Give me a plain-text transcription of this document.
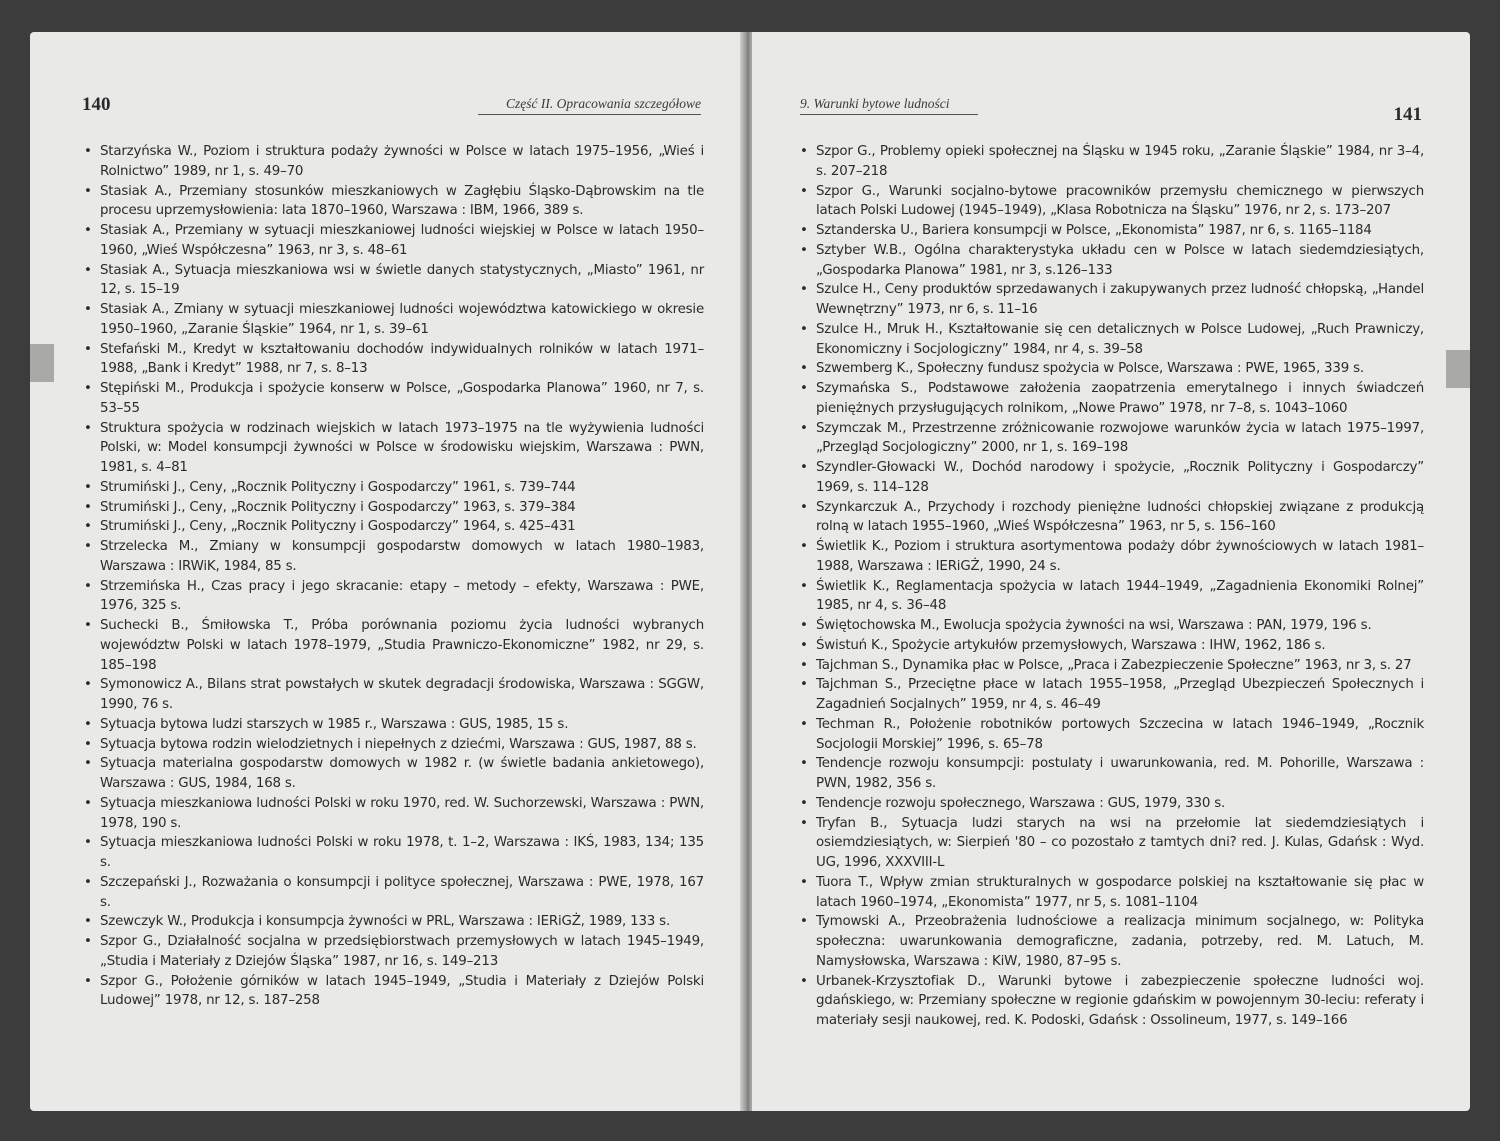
140	Część II. Opracowania szczegółowe
• Starzyńska W., Poziom i struktura podaży żywności w Polsce w latach 1975–1956, „Wieś i Rolnictwo” 1989, nr 1, s. 49–70
• Stasiak A., Przemiany stosunków mieszkaniowych w Zagłębiu Śląsko-Dąbrowskim na tle procesu uprzemysłowienia: lata 1870–1960, Warszawa : IBM, 1966, 389 s.
• Stasiak A., Przemiany w sytuacji mieszkaniowej ludności wiejskiej w Polsce w latach 1950–1960, „Wieś Współczesna” 1963, nr 3, s. 48–61
• Stasiak A., Sytuacja mieszkaniowa wsi w świetle danych statystycznych, „Miasto” 1961, nr 12, s. 15–19
• Stasiak A., Zmiany w sytuacji mieszkaniowej ludności województwa katowickiego w okresie 1950–1960, „Zaranie Śląskie” 1964, nr 1, s. 39–61
• Stefański M., Kredyt w kształtowaniu dochodów indywidualnych rolników w latach 1971–1988, „Bank i Kredyt” 1988, nr 7, s. 8–13
• Stępiński M., Produkcja i spożycie konserw w Polsce, „Gospodarka Planowa” 1960, nr 7, s. 53–55
• Struktura spożycia w rodzinach wiejskich w latach 1973–1975 na tle wyżywienia ludności Polski, w: Model konsumpcji żywności w Polsce w środowisku wiejskim, Warszawa : PWN, 1981, s. 4–81
• Strumiński J., Ceny, „Rocznik Polityczny i Gospodarczy” 1961, s. 739–744
• Strumiński J., Ceny, „Rocznik Polityczny i Gospodarczy” 1963, s. 379–384
• Strumiński J., Ceny, „Rocznik Polityczny i Gospodarczy” 1964, s. 425–431
• Strzelecka M., Zmiany w konsumpcji gospodarstw domowych w latach 1980–1983, Warszawa : IRWiK, 1984, 85 s.
• Strzemińska H., Czas pracy i jego skracanie: etapy – metody – efekty, Warszawa : PWE, 1976, 325 s.
• Suchecki B., Śmiłowska T., Próba porównania poziomu życia ludności wybranych województw Polski w latach 1978–1979, „Studia Prawniczo-Ekonomiczne” 1982, nr 29, s. 185–198
• Symonowicz A., Bilans strat powstałych w skutek degradacji środowiska, Warszawa : SGGW, 1990, 76 s.
• Sytuacja bytowa ludzi starszych w 1985 r., Warszawa : GUS, 1985, 15 s.
• Sytuacja bytowa rodzin wielodzietnych i niepełnych z dziećmi, Warszawa : GUS, 1987, 88 s.
• Sytuacja materialna gospodarstw domowych w 1982 r. (w świetle badania ankietowego), Warszawa : GUS, 1984, 168 s.
• Sytuacja mieszkaniowa ludności Polski w roku 1970, red. W. Suchorzewski, Warszawa : PWN, 1978, 190 s.
• Sytuacja mieszkaniowa ludności Polski w roku 1978, t. 1–2, Warszawa : IKŚ, 1983, 134; 135 s.
• Szczepański J., Rozważania o konsumpcji i polityce społecznej, Warszawa : PWE, 1978, 167 s.
• Szewczyk W., Produkcja i konsumpcja żywności w PRL, Warszawa : IERiGŻ, 1989, 133 s.
• Szpor G., Działalność socjalna w przedsiębiorstwach przemysłowych w latach 1945–1949, „Studia i Materiały z Dziejów Śląska” 1987, nr 16, s. 149–213
• Szpor G., Położenie górników w latach 1945–1949, „Studia i Materiały z Dziejów Polski Ludowej” 1978, nr 12, s. 187–258
9. Warunki bytowe ludności
141
• Szpor G., Problemy opieki społecznej na Śląsku w 1945 roku, „Zaranie Śląskie” 1984, nr 3–4, s. 207–218
• Szpor G., Warunki socjalno-bytowe pracowników przemysłu chemicznego w pierwszych latach Polski Ludowej (1945–1949), „Klasa Robotnicza na Śląsku” 1976, nr 2, s. 173–207
• Sztanderska U., Bariera konsumpcji w Polsce, „Ekonomista” 1987, nr 6, s. 1165–1184
• Sztyber W.B., Ogólna charakterystyka układu cen w Polsce w latach siedemdziesiątych, „Gospodarka Planowa” 1981, nr 3, s.126–133
• Szulce H., Ceny produktów sprzedawanych i zakupywanych przez ludność chłopską, „Handel Wewnętrzny” 1973, nr 6, s. 11–16
• Szulce H., Mruk H., Kształtowanie się cen detalicznych w Polsce Ludowej, „Ruch Prawniczy, Ekonomiczny i Socjologiczny” 1984, nr 4, s. 39–58
• Szwemberg K., Społeczny fundusz spożycia w Polsce, Warszawa : PWE, 1965, 339 s.
• Szymańska S., Podstawowe założenia zaopatrzenia emerytalnego i innych świadczeń pieniężnych przysługujących rolnikom, „Nowe Prawo” 1978, nr 7–8, s. 1043–1060
• Szymczak M., Przestrzenne zróżnicowanie rozwojowe warunków życia w latach 1975–1997, „Przegląd Socjologiczny” 2000, nr 1, s. 169–198
• Szyndler-Głowacki W., Dochód narodowy i spożycie, „Rocznik Polityczny i Gospodarczy” 1969, s. 114–128
• Szynkarczuk A., Przychody i rozchody pieniężne ludności chłopskiej związane z produkcją rolną w latach 1955–1960, „Wieś Współczesna” 1963, nr 5, s. 156–160
• Świetlik K., Poziom i struktura asortymentowa podaży dóbr żywnościowych w latach 1981–1988, Warszawa : IERiGŻ, 1990, 24 s.
• Świetlik K., Reglamentacja spożycia w latach 1944–1949, „Zagadnienia Ekonomiki Rolnej” 1985, nr 4, s. 36–48
• Świętochowska M., Ewolucja spożycia żywności na wsi, Warszawa : PAN, 1979, 196 s.
• Świstuń K., Spożycie artykułów przemysłowych, Warszawa : IHW, 1962, 186 s.
• Tajchman S., Dynamika płac w Polsce, „Praca i Zabezpieczenie Społeczne” 1963, nr 3, s. 27
• Tajchman S., Przeciętne płace w latach 1955–1958, „Przegląd Ubezpieczeń Społecznych i Zagadnień Socjalnych” 1959, nr 4, s. 46–49
• Techman R., Położenie robotników portowych Szczecina w latach 1946–1949, „Rocznik Socjologii Morskiej” 1996, s. 65–78
• Tendencje rozwoju konsumpcji: postulaty i uwarunkowania, red. M. Pohorille, Warszawa : PWN, 1982, 356 s.
• Tendencje rozwoju społecznego, Warszawa : GUS, 1979, 330 s.
• Tryfan B., Sytuacja ludzi starych na wsi na przełomie lat siedemdziesiątych i osiemdziesiątych, w: Sierpień '80 – co pozostało z tamtych dni? red. J. Kulas, Gdańsk : Wyd. UG, 1996, XXXVIII-L
• Tuora T., Wpływ zmian strukturalnych w gospodarce polskiej na kształtowanie się płac w latach 1960–1974, „Ekonomista” 1977, nr 5, s. 1081–1104
• Tymowski A., Przeobrażenia ludnościowe a realizacja minimum socjalnego, w: Polityka społeczna: uwarunkowania demograficzne, zadania, potrzeby, red. M. Latuch, M. Namysłowska, Warszawa : KiW, 1980, 87–95 s.
• Urbanek-Krzysztofiak D., Warunki bytowe i zabezpieczenie społeczne ludności woj. gdańskiego, w: Przemiany społeczne w regionie gdańskim w powojennym 30-leciu: referaty i materiały sesji naukowej, red. K. Podoski, Gdańsk : Ossolineum, 1977, s. 149–166
